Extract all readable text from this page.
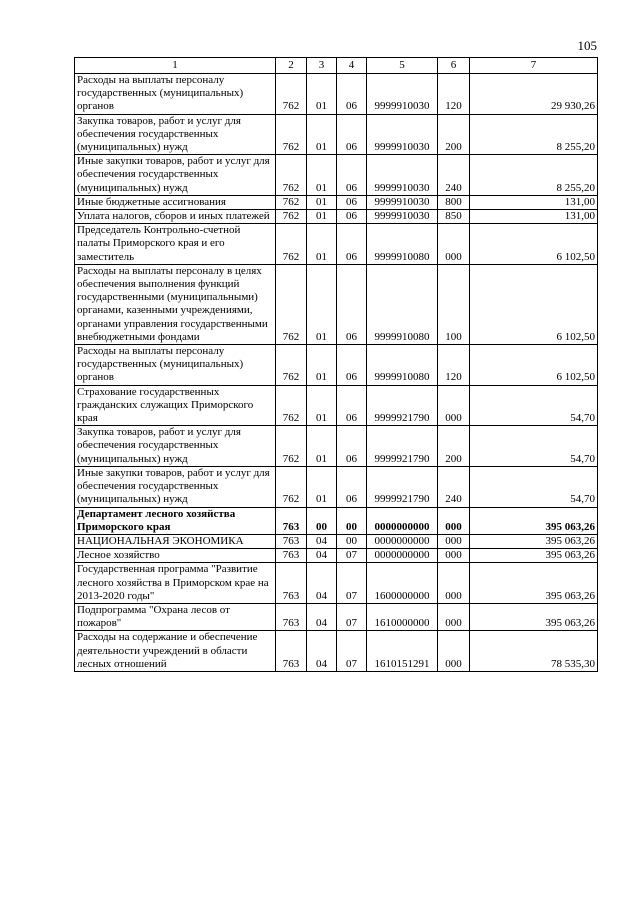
105
1	2	3	4	5	6	7
Расходы на выплаты персоналу государственных (муниципальных) органов	762	01	06	9999910030	120	29 930,26
Закупка товаров, работ и услуг для обеспечения государственных (муниципальных) нужд	762	01	06	9999910030	200	8 255,20
Иные закупки товаров, работ и услуг для обеспечения государственных (муниципальных) нужд	762	01	06	9999910030	240	8 255,20
Иные бюджетные ассигнования	762	01	06	9999910030	800	131,00
Уплата налогов, сборов и иных платежей	762	01	06	9999910030	850	131,00
Председатель Контрольно-счетной палаты Приморского края и его заместитель	762	01	06	9999910080	000	6 102,50
Расходы на выплаты персоналу в целях обеспечения выполнения функций государственными (муниципальными) органами, казенными учреждениями, органами управления государственными внебюджетными фондами	762	01	06	9999910080	100	6 102,50
Расходы на выплаты персоналу государственных (муниципальных) органов	762	01	06	9999910080	120	6 102,50
Страхование государственных гражданских служащих Приморского края	762	01	06	9999921790	000	54,70
Закупка товаров, работ и услуг для обеспечения государственных (муниципальных) нужд	762	01	06	9999921790	200	54,70
Иные закупки товаров, работ и услуг для обеспечения государственных (муниципальных) нужд	762	01	06	9999921790	240	54,70
Департамент лесного хозяйства Приморского края	763	00	00	0000000000	000	395 063,26
НАЦИОНАЛЬНАЯ ЭКОНОМИКА	763	04	00	0000000000	000	395 063,26
Лесное хозяйство	763	04	07	0000000000	000	395 063,26
Государственная программа "Развитие лесного хозяйства в Приморском крае на 2013-2020 годы"	763	04	07	1600000000	000	395 063,26
Подпрограмма "Охрана лесов от пожаров"	763	04	07	1610000000	000	395 063,26
Расходы на содержание и обеспечение деятельности учреждений в области лесных отношений	763	04	07	1610151291	000	78 535,30
